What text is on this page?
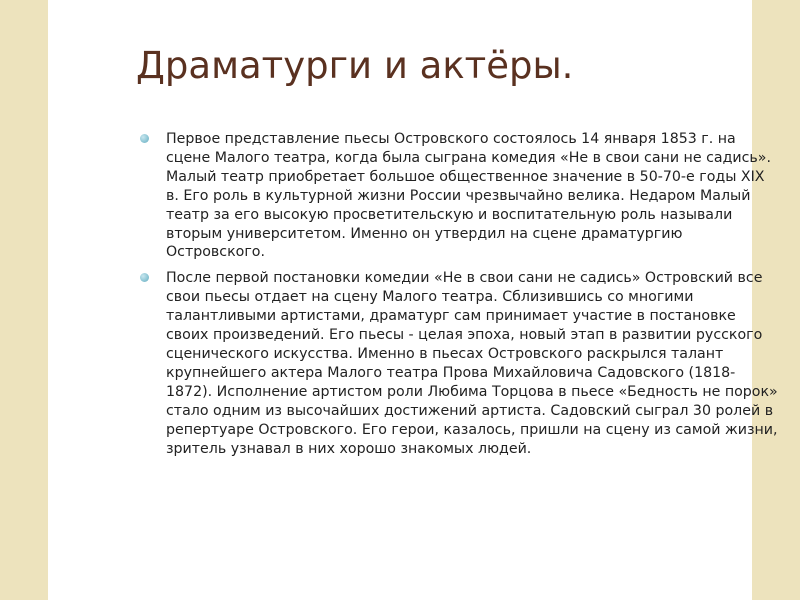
Драматурги и актёры.
Первое представление пьесы Островского состоялось 14 января 1853 г. на сцене Малого театра, когда была сыграна комедия «Не в свои сани не садись». Малый театр приобретает большое общественное значение в 50-70-е годы XIX в. Его роль в культурной жизни России чрезвычайно велика. Недаром Малый театр за его высокую просветительскую и воспитательную роль называли вторым университетом. Именно он утвердил на сцене драматургию Островского.
После первой постановки комедии «Не в свои сани не садись» Островский все свои пьесы отдает на сцену Малого театра. Сблизившись со многими талантливыми артистами, драматург сам принимает участие в постановке своих произведений. Его пьесы - целая эпоха, новый этап в развитии русского сценического искусства. Именно в пьесах Островского раскрылся талант крупнейшего актера Малого театра Прова Михайловича Садовского (1818-1872). Исполнение артистом роли Любима Торцова в пьесе «Бедность не порок» стало одним из высочайших достижений артиста. Садовский сыграл 30 ролей в репертуаре Островского. Его герои, казалось, пришли на сцену из самой жизни, зритель узнавал в них хорошо знакомых людей.
